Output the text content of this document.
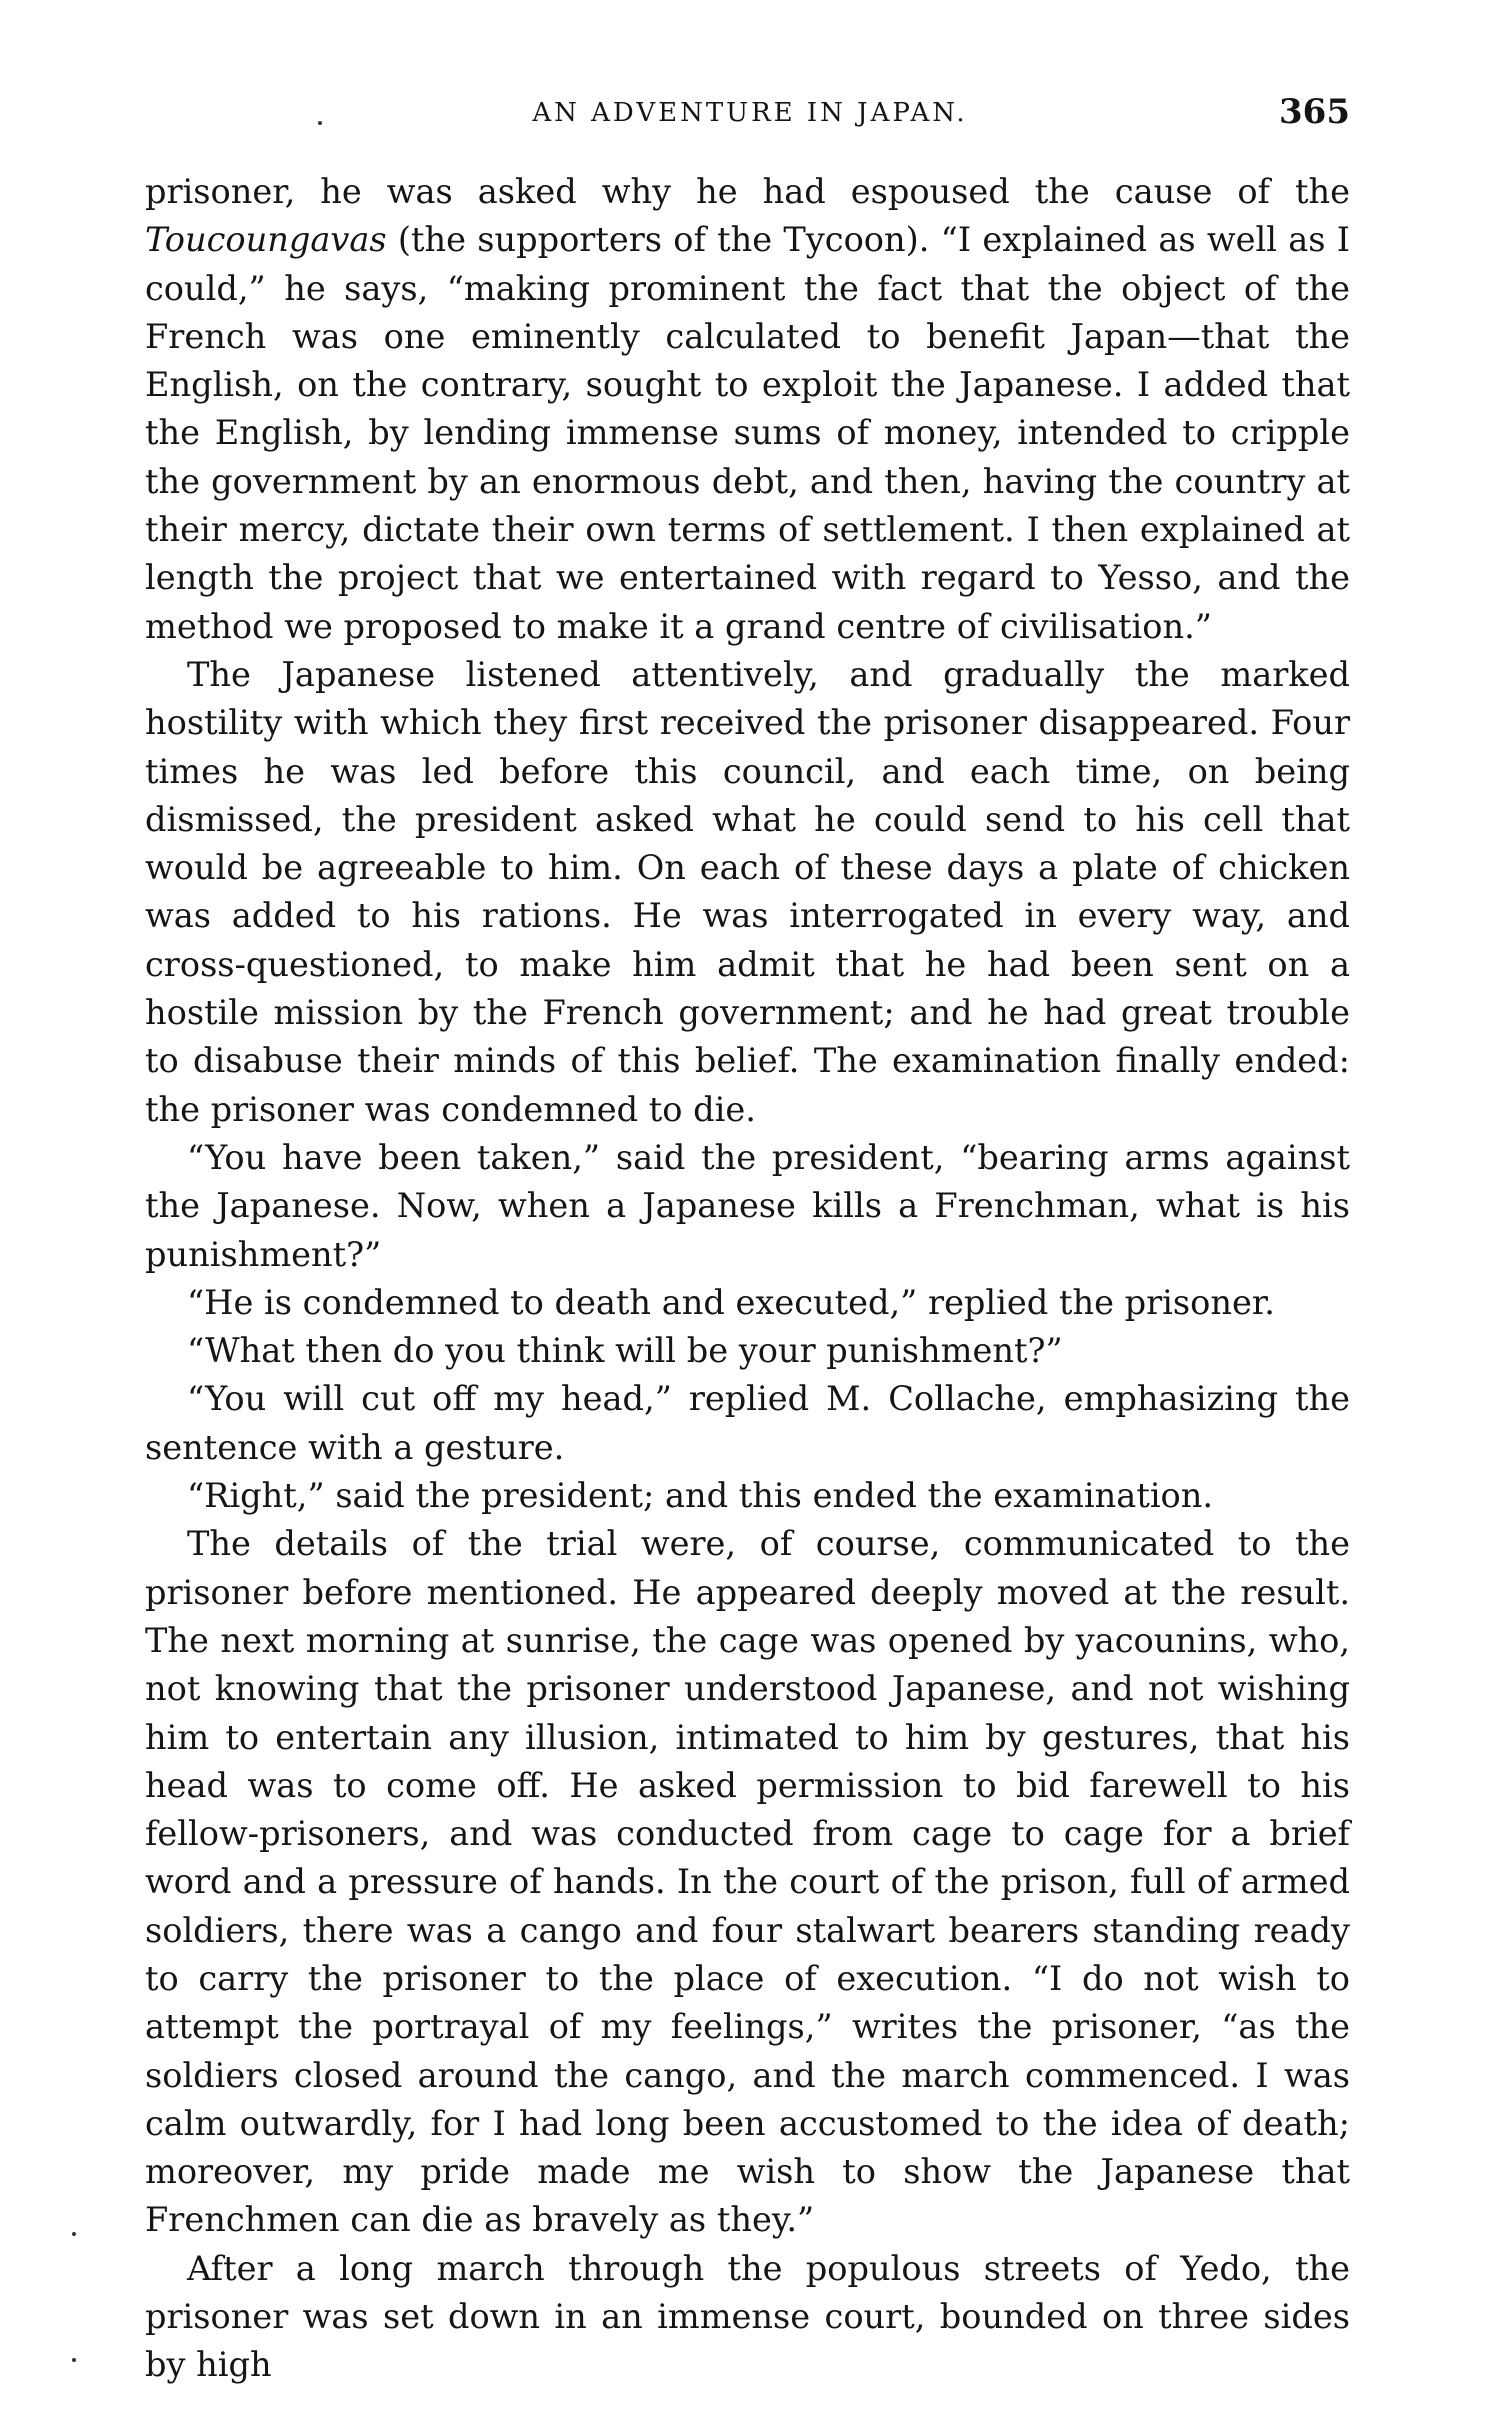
AN ADVENTURE IN JAPAN.	365

prisoner, he was asked why he had espoused the cause of the Toucoungavas (the supporters of the Tycoon). “I explained as well as I could,” he says, “making prominent the fact that the object of the French was one eminently calculated to benefit Japan—that the English, on the contrary, sought to exploit the Japanese. I added that the English, by lending immense sums of money, intended to cripple the government by an enormous debt, and then, having the country at their mercy, dictate their own terms of settlement. I then explained at length the project that we entertained with regard to Yesso, and the method we proposed to make it a grand centre of civilisation.”

The Japanese listened attentively, and gradually the marked hostility with which they first received the prisoner disappeared. Four times he was led before this council, and each time, on being dismissed, the president asked what he could send to his cell that would be agreeable to him. On each of these days a plate of chicken was added to his rations. He was interrogated in every way, and cross-questioned, to make him admit that he had been sent on a hostile mission by the French government; and he had great trouble to disabuse their minds of this belief. The examination finally ended: the prisoner was condemned to die.

“You have been taken,” said the president, “bearing arms against the Japanese. Now, when a Japanese kills a Frenchman, what is his punishment?”

“He is condemned to death and executed,” replied the prisoner.

“What then do you think will be your punishment?”

“You will cut off my head,” replied M. Collache, emphasizing the sentence with a gesture.

“Right,” said the president; and this ended the examination.

The details of the trial were, of course, communicated to the prisoner before mentioned. He appeared deeply moved at the result. The next morning at sunrise, the cage was opened by yacounins, who, not knowing that the prisoner understood Japanese, and not wishing him to entertain any illusion, intimated to him by gestures, that his head was to come off. He asked permission to bid farewell to his fellow-prisoners, and was conducted from cage to cage for a brief word and a pressure of hands. In the court of the prison, full of armed soldiers, there was a cango and four stalwart bearers standing ready to carry the prisoner to the place of execution. “I do not wish to attempt the portrayal of my feelings,” writes the prisoner, “as the soldiers closed around the cango, and the march commenced. I was calm outwardly, for I had long been accustomed to the idea of death; moreover, my pride made me wish to show the Japanese that Frenchmen can die as bravely as they.”

After a long march through the populous streets of Yedo, the prisoner was set down in an immense court, bounded on three sides by high
